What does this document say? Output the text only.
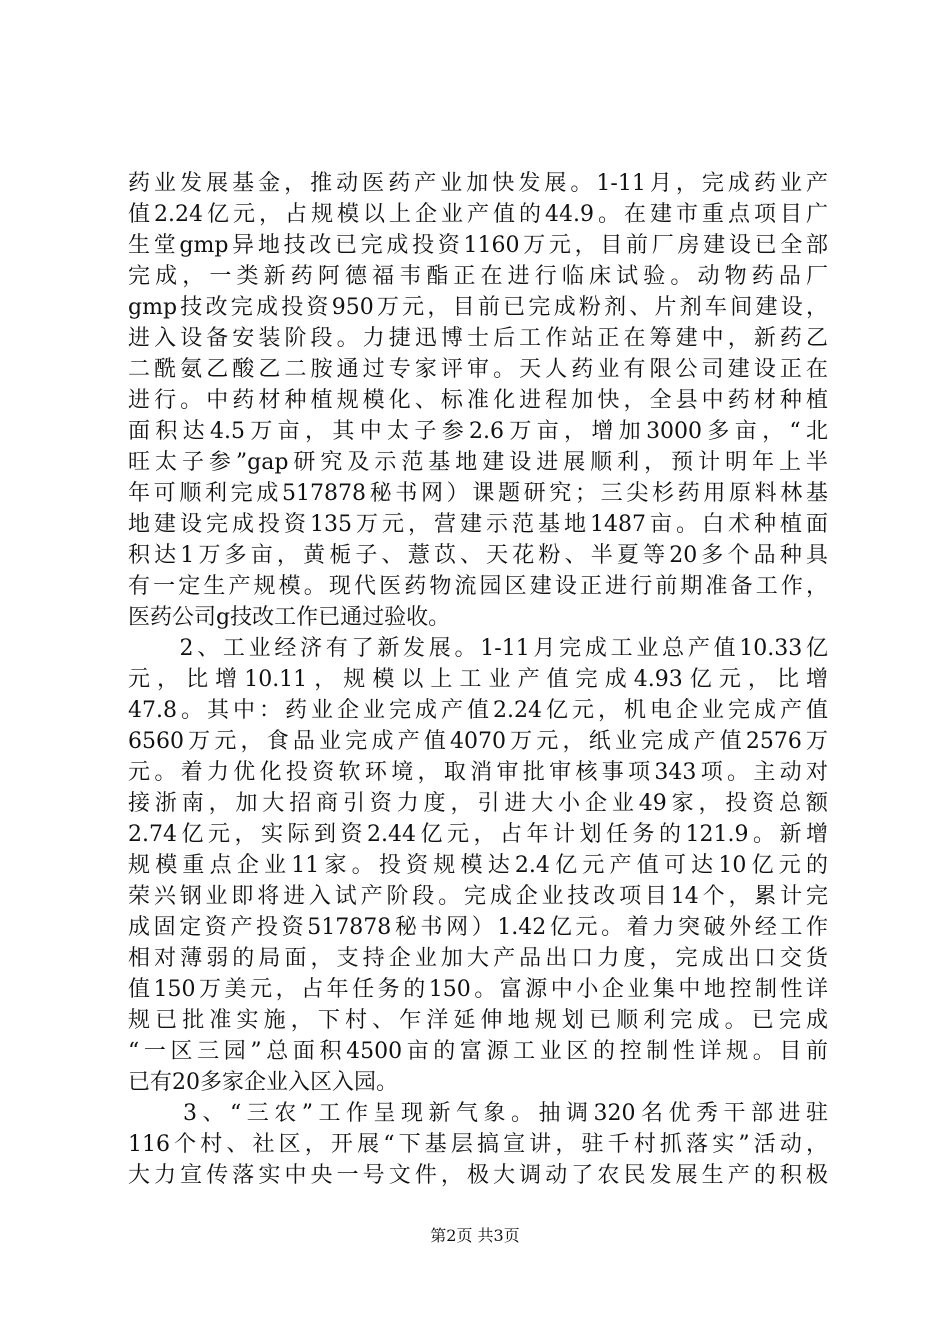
药业发展基金，推动医药产业加快发展。1-11月，完成药业产
值2.24亿元，占规模以上企业产值的44.9。在建市重点项目广
生堂gmp异地技改已完成投资1160万元，目前厂房建设已全部
完成，一类新药阿德福韦酯正在进行临床试验。动物药品厂
gmp技改完成投资950万元，目前已完成粉剂、片剂车间建设，
进入设备安装阶段。力捷迅博士后工作站正在筹建中，新药乙
二酰氨乙酸乙二胺通过专家评审。天人药业有限公司建设正在
进行。中药材种植规模化、标准化进程加快，全县中药材种植
面积达4.5万亩，其中太子参2.6万亩，增加3000多亩，“北
旺太子参”gap研究及示范基地建设进展顺利，预计明年上半
年可顺利完成517878秘书网）课题研究；三尖杉药用原料林基
地建设完成投资135万元，营建示范基地1487亩。白术种植面
积达1万多亩，黄栀子、薏苡、天花粉、半夏等20多个品种具
有一定生产规模。现代医药物流园区建设正进行前期准备工作，
医药公司g技改工作已通过验收。
　　2、工业经济有了新发展。1-11月完成工业总产值10.33亿
元，比增10.11，规模以上工业产值完成4.93亿元，比增
47.8。其中：药业企业完成产值2.24亿元，机电企业完成产值
6560万元，食品业完成产值4070万元，纸业完成产值2576万
元。着力优化投资软环境，取消审批审核事项343项。主动对
接浙南，加大招商引资力度，引进大小企业49家，投资总额
2.74亿元，实际到资2.44亿元，占年计划任务的121.9。新增
规模重点企业11家。投资规模达2.4亿元产值可达10亿元的
荣兴钢业即将进入试产阶段。完成企业技改项目14个，累计完
成固定资产投资517878秘书网）1.42亿元。着力突破外经工作
相对薄弱的局面，支持企业加大产品出口力度，完成出口交货
值150万美元，占年任务的150。富源中小企业集中地控制性详
规已批准实施，下村、乍洋延伸地规划已顺利完成。已完成
“一区三园”总面积4500亩的富源工业区的控制性详规。目前
已有20多家企业入区入园。
　　3、“三农”工作呈现新气象。抽调320名优秀干部进驻
116个村、社区，开展“下基层搞宣讲，驻千村抓落实”活动，
大力宣传落实中央一号文件，极大调动了农民发展生产的积极
第2页 共3页
